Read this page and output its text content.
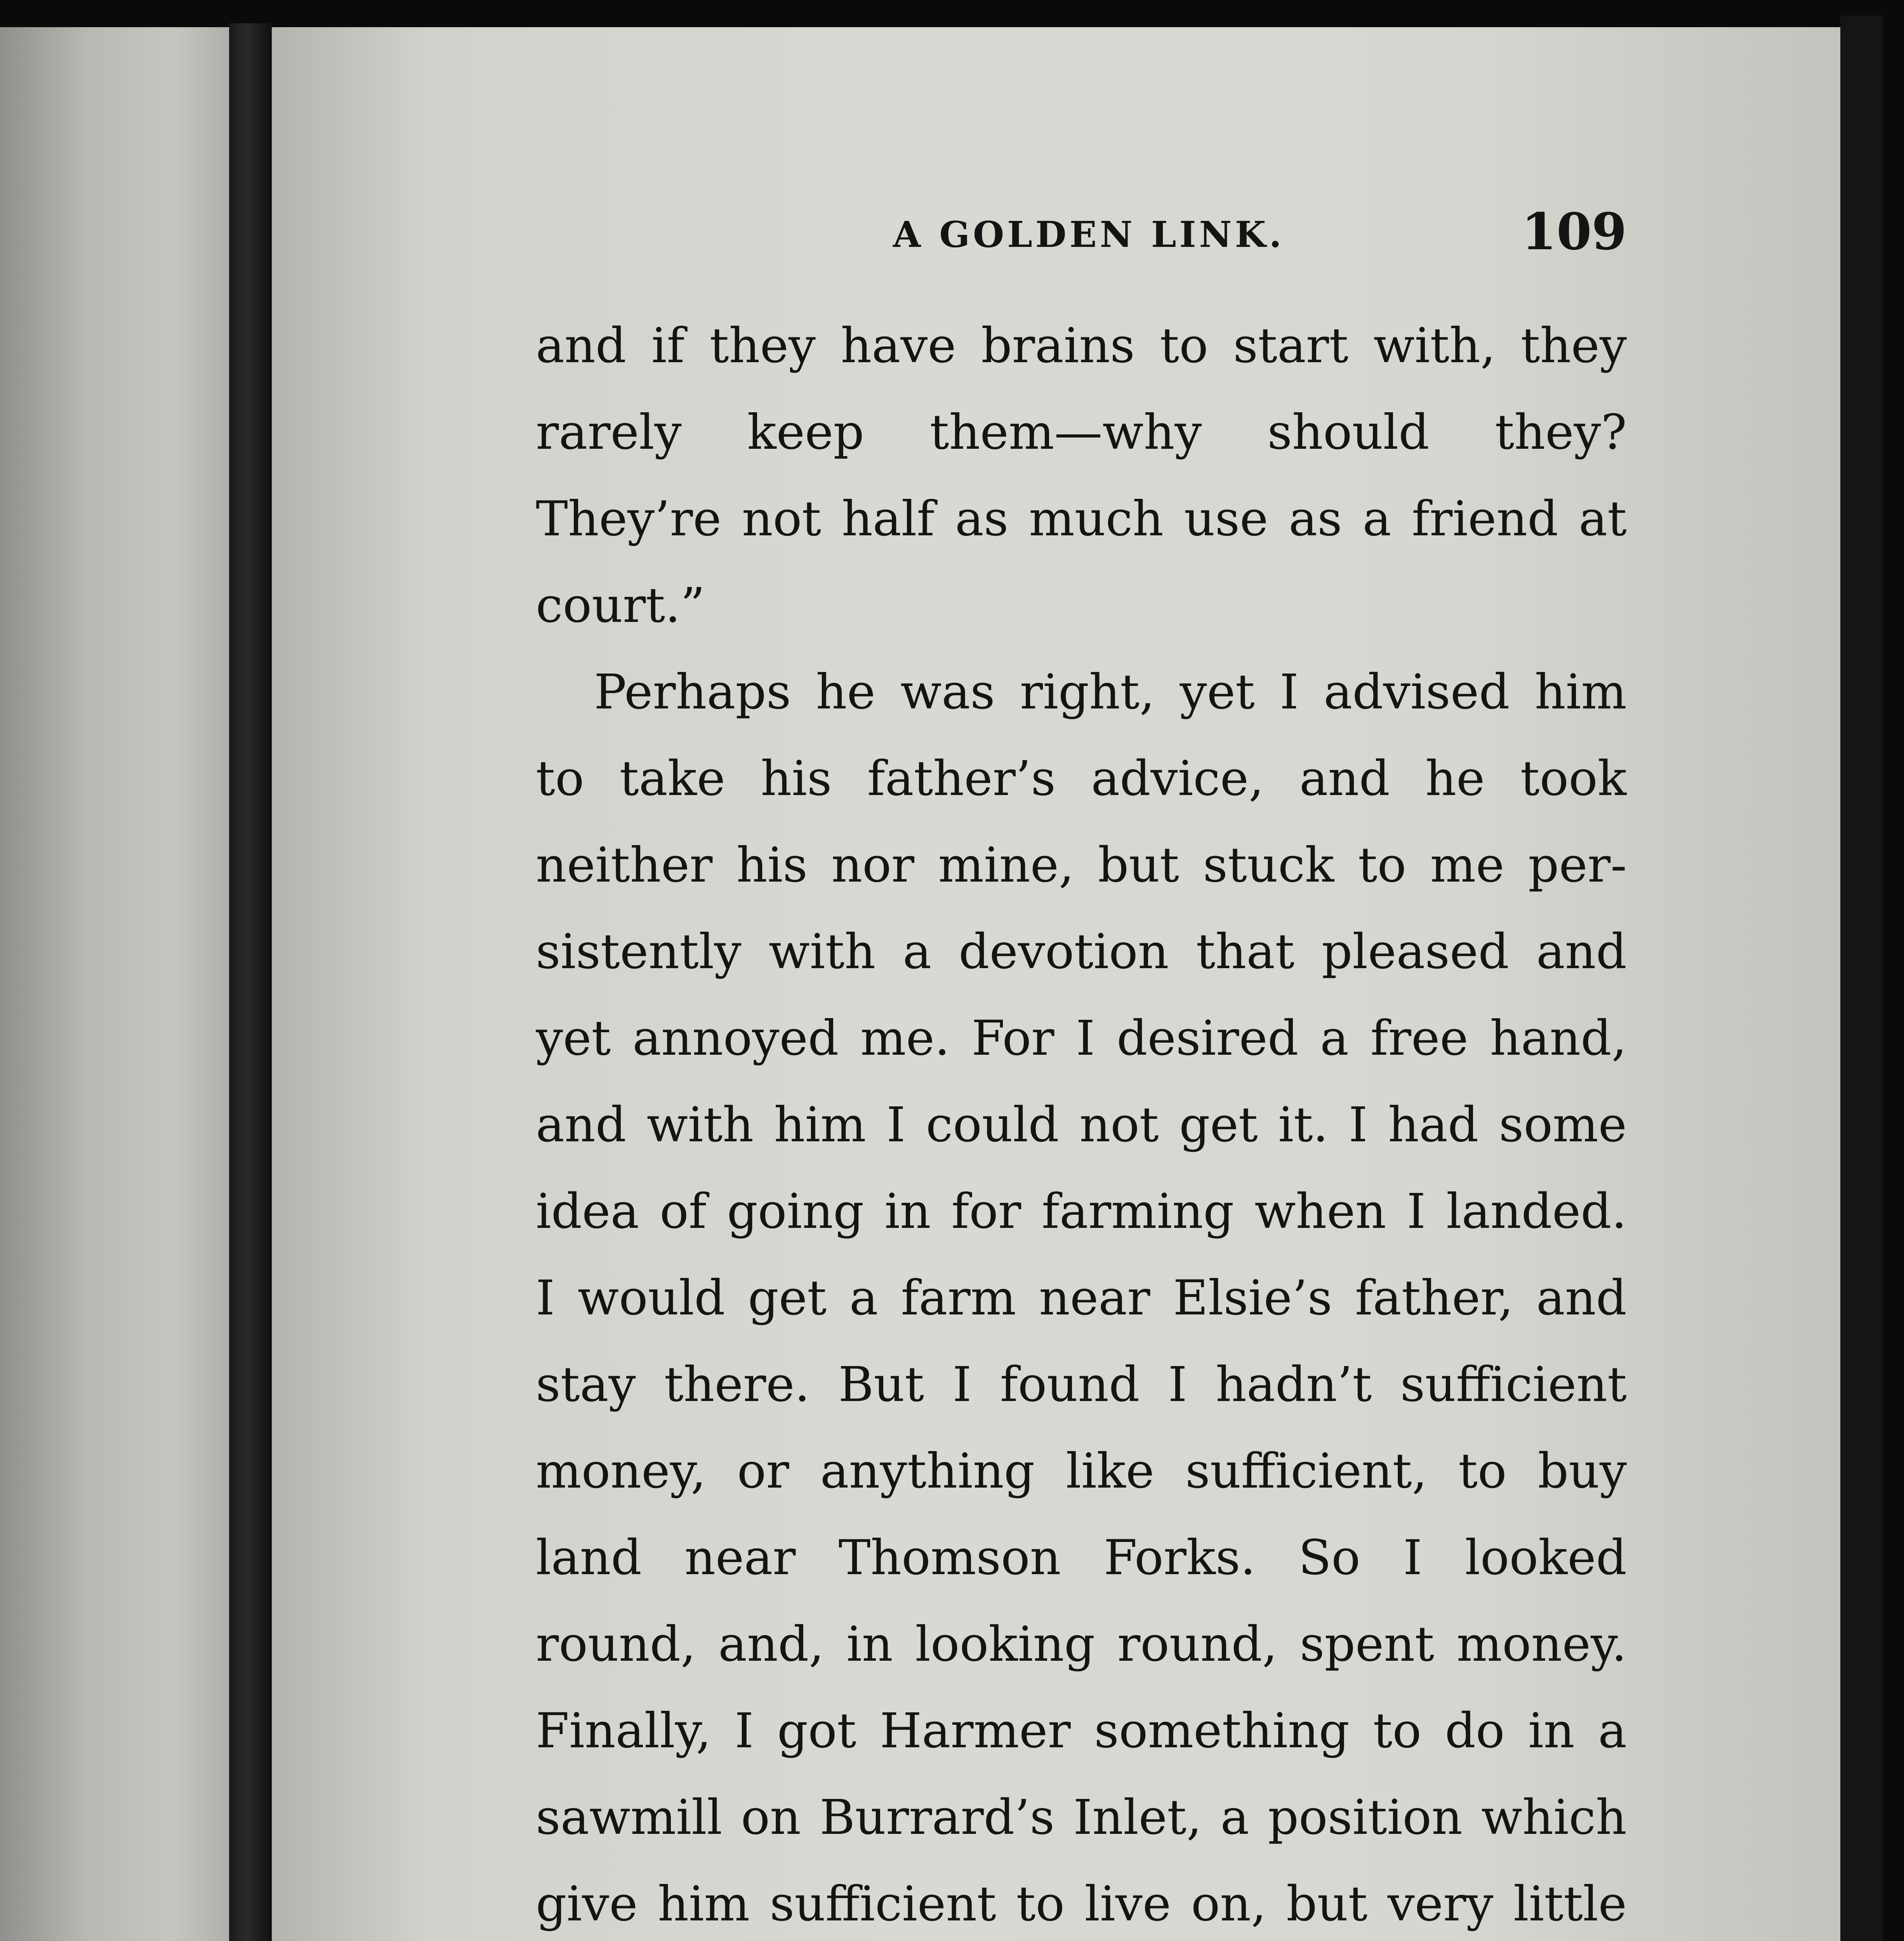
A GOLDEN LINK.	109
and if they have brains to start with, they
rarely keep them—why should they?
They’re not half as much use as a friend at
court.”
Perhaps he was right, yet I advised him
to take his father’s advice, and he took
neither his nor mine, but stuck to me per-
sistently with a devotion that pleased and
yet annoyed me. For I desired a free hand,
and with him I could not get it. I had some
idea of going in for farming when I landed.
I would get a farm near Elsie’s father, and
stay there. But I found I hadn’t sufficient
money, or anything like sufficient, to buy
land near Thomson Forks. So I looked
round, and, in looking round, spent money.
Finally, I got Harmer something to do in a
sawmill on Burrard’s Inlet, a position which
give him sufficient to live on, but very little
